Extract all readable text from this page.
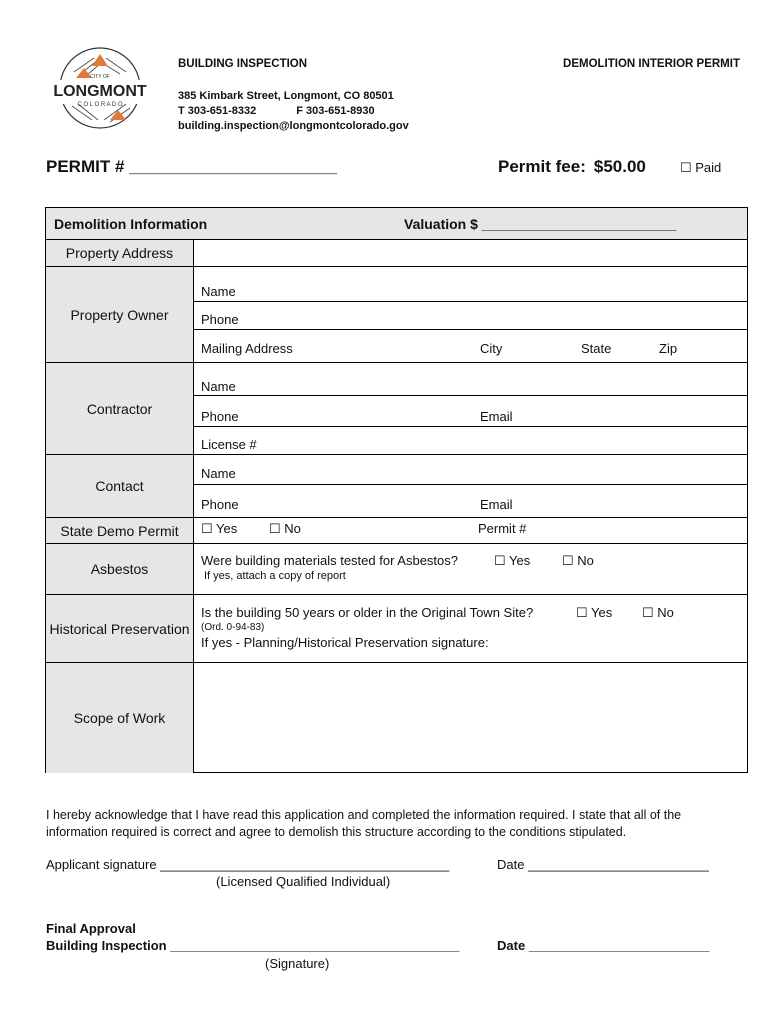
CITY OF
LONGMONT
C O L O R A D O
BUILDING INSPECTION	DEMOLITION INTERIOR PERMIT
385 Kimbark Street, Longmont, CO 80501
T 303-651-8332	F 303-651-8930
building.inspection@longmontcolorado.gov
PERMIT # ______________________	Permit fee: $50.00	☐ Paid
Demolition Information	Valuation $ _________________________
Property Address
Property Owner
Name
Phone
Mailing Address	City	State	Zip
Contractor
Name
Phone	Email
License #
Contact
Name
Phone	Email
State Demo Permit	☐ Yes ☐ No	Permit #
Asbestos
Were building materials tested for Asbestos?	☐ Yes ☐ No
If yes, attach a copy of report
Historical Preservation
Is the building 50 years or older in the Original Town Site?	☐ Yes ☐ No
(Ord. 0-94-83)
If yes - Planning/Historical Preservation signature:
Scope of Work
I hereby acknowledge that I have read this application and completed the information required. I state that all of the information required is correct and agree to demolish this structure according to the conditions stipulated.
Applicant signature ________________________________________	Date _________________________
(Licensed Qualified Individual)
Final Approval
Building Inspection ________________________________________	Date _________________________
(Signature)
